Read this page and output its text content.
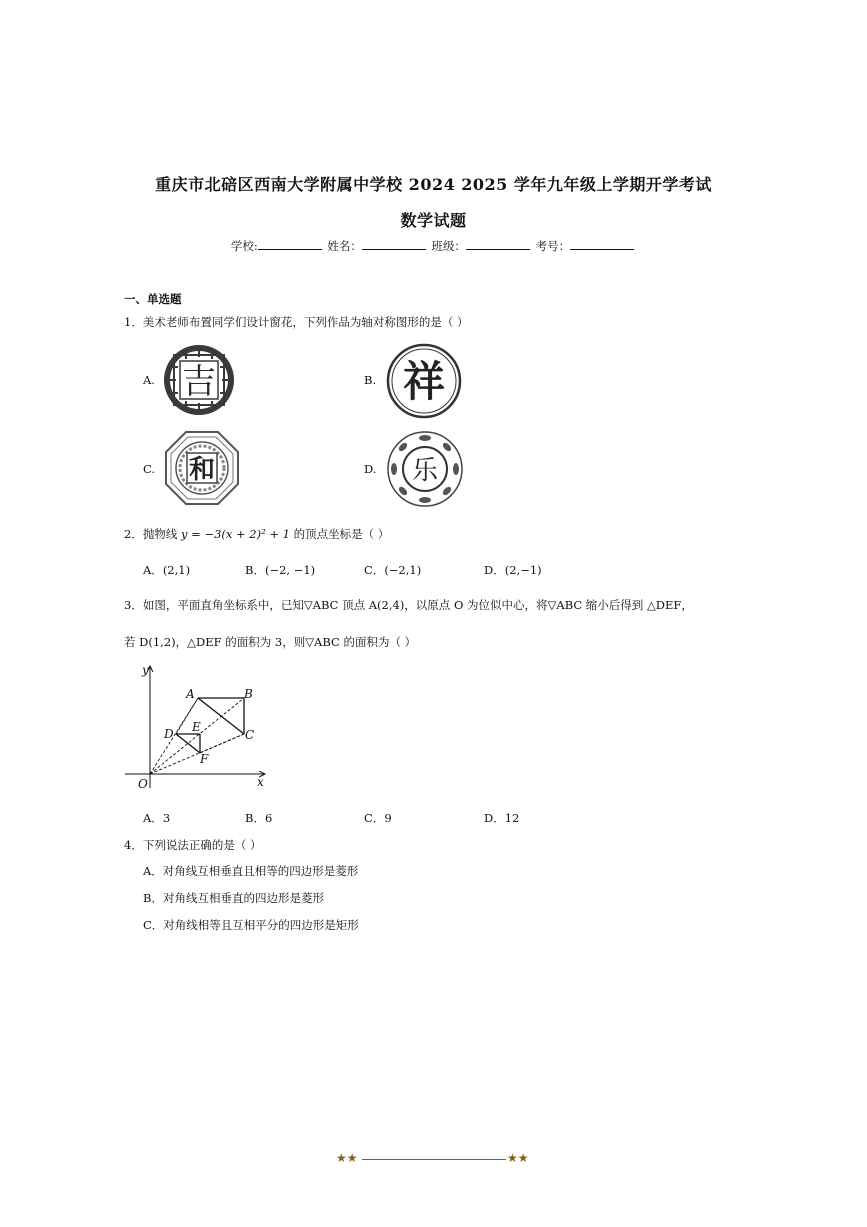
重庆市北碚区西南大学附属中学校 2024 2025 学年九年级上学期开学考试
数学试题
学校:	姓名：	班级：	考号：
一、单选题
1．美术老师布置同学们设计窗花，下列作品为轴对称图形的是（ ）
A. 吉	B. 祥
C. 和	D. 乐
2．抛物线 y = −3(x + 2)² + 1 的顶点坐标是（ ）
A．(2,1)	B．(−2, −1)	C．(−2,1)	D．(2,−1)
3．如图，平面直角坐标系中，已知▽ABC 顶点 A(2,4)，以原点 O 为位似中心，将▽ABC 缩小后得到 △DEF，
若 D(1,2)，△DEF 的面积为 3，则▽ABC 的面积为（ ）
y
x
O
A	B
C
D E
F
A．3	B．6	C．9	D．12
4．下列说法正确的是（ ）
A．对角线互相垂直且相等的四边形是菱形
B．对角线互相垂直的四边形是菱形
C．对角线相等且互相平分的四边形是矩形
★★	★★
